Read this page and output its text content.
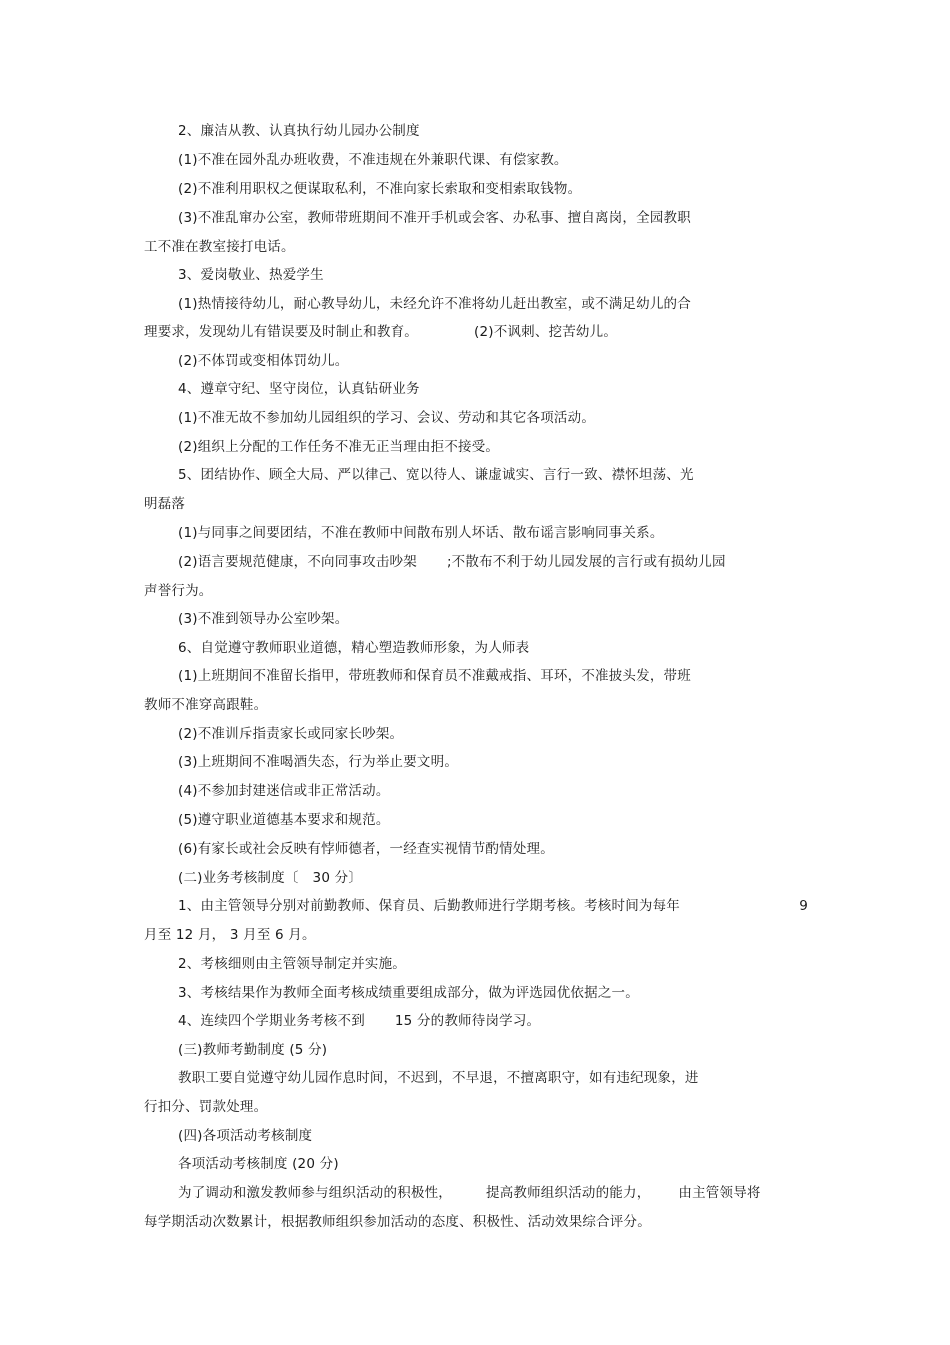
2、廉洁从教、认真执行幼儿园办公制度
(1)不准在园外乱办班收费，不准违规在外兼职代课、有偿家教。
(2)不准利用职权之便谋取私利，不准向家长索取和变相索取钱物。
(3)不准乱窜办公室，教师带班期间不准开手机或会客、办私事、擅自离岗，全园教职
工不准在教室接打电话。
3、爱岗敬业、热爱学生
(1)热情接待幼儿，耐心教导幼儿，未经允许不准将幼儿赶出教室，或不满足幼儿的合
理要求，发现幼儿有错误要及时制止和教育。	(2)不讽刺、挖苦幼儿。
(2)不体罚或变相体罚幼儿。
4、遵章守纪、坚守岗位，认真钻研业务
(1)不准无故不参加幼儿园组织的学习、会议、劳动和其它各项活动。
(2)组织上分配的工作任务不准无正当理由拒不接受。
5、团结协作、顾全大局、严以律己、宽以待人、谦虚诚实、言行一致、襟怀坦荡、光
明磊落
(1)与同事之间要团结，不准在教师中间散布别人坏话、散布谣言影响同事关系。
(2)语言要规范健康，不向同事攻击吵架 ;不散布不利于幼儿园发展的言行或有损幼儿园
声誉行为。
(3)不准到领导办公室吵架。
6、自觉遵守教师职业道德，精心塑造教师形象，为人师表
(1)上班期间不准留长指甲，带班教师和保育员不准戴戒指、耳环，不准披头发，带班
教师不准穿高跟鞋。
(2)不准训斥指责家长或同家长吵架。
(3)上班期间不准喝酒失态，行为举止要文明。
(4)不参加封建迷信或非正常活动。
(5)遵守职业道德基本要求和规范。
(6)有家长或社会反映有悖师德者，一经查实视情节酌情处理。
(二)业务考核制度〔 30 分〕
1、由主管领导分别对前勤教师、保育员、后勤教师进行学期考核。考核时间为每年	9
月至 12 月， 3 月至 6 月。
2、考核细则由主管领导制定并实施。
3、考核结果作为教师全面考核成绩重要组成部分，做为评选园优依据之一。
4、连续四个学期业务考核不到 15 分的教师待岗学习。
(三)教师考勤制度 (5 分)
教职工要自觉遵守幼儿园作息时间，不迟到，不早退，不擅离职守，如有违纪现象，进
行扣分、罚款处理。
(四)各项活动考核制度
各项活动考核制度 (20 分)
为了调动和激发教师参与组织活动的积极性，	提高教师组织活动的能力， 由主管领导将
每学期活动次数累计，根据教师组织参加活动的态度、积极性、活动效果综合评分。
